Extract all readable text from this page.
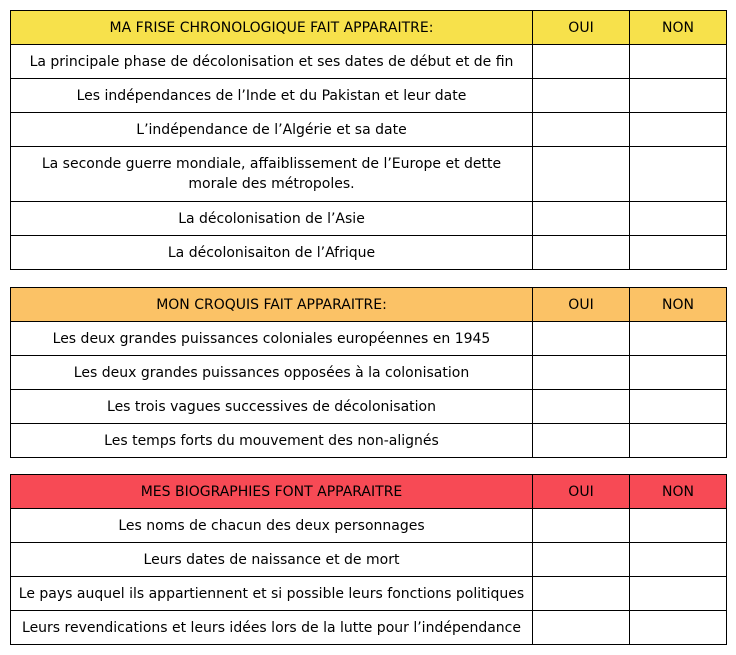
MA FRISE CHRONOLOGIQUE FAIT APPARAITRE:	OUI	NON
La principale phase de décolonisation et ses dates de début et de fin		
Les indépendances de l’Inde et du Pakistan et leur date		
L’indépendance de l’Algérie et sa date		
La seconde guerre mondiale, affaiblissement de l’Europe et dette morale des métropoles.		
La décolonisation de l’Asie		
La décolonisaiton de l’Afrique		
MON CROQUIS FAIT APPARAITRE:	OUI	NON
Les deux grandes puissances coloniales européennes en 1945		
Les deux grandes puissances opposées à la colonisation		
Les trois vagues successives de décolonisation		
Les temps forts du mouvement des non-alignés		
MES BIOGRAPHIES FONT APPARAITRE	OUI	NON
Les noms de chacun des deux personnages		
Leurs dates de naissance et de mort		
Le pays auquel ils appartiennent et si possible leurs fonctions politiques		
Leurs revendications et leurs idées lors de la lutte pour l’indépendance		
